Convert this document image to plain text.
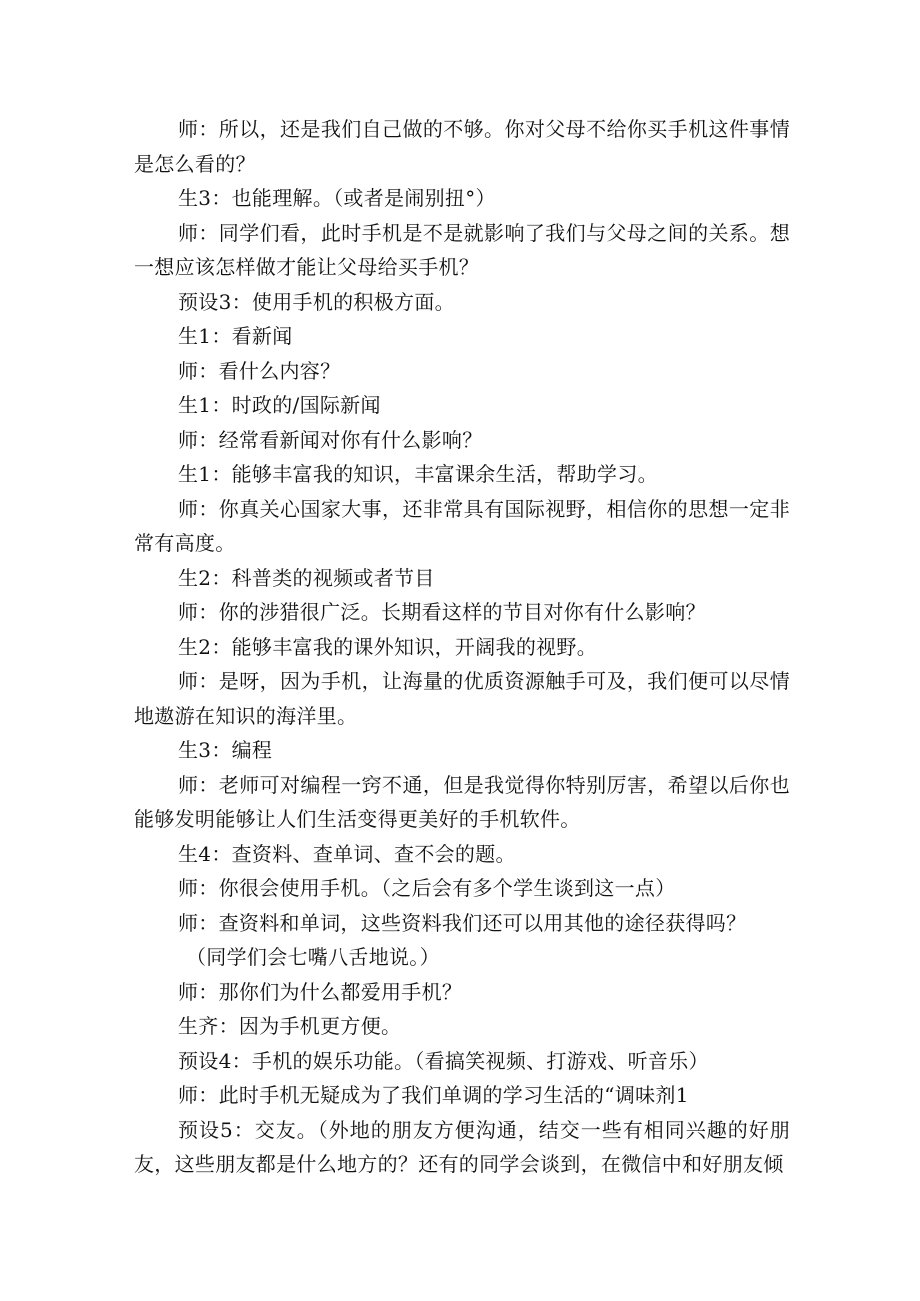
师：所以，还是我们自己做的不够。你对父母不给你买手机这件事情是怎么看的？

生3：也能理解。（或者是闹别扭°）

师：同学们看，此时手机是不是就影响了我们与父母之间的关系。想一想应该怎样做才能让父母给买手机？

预设3：使用手机的积极方面。

生1：看新闻

师：看什么内容？

生1：时政的/国际新闻

师：经常看新闻对你有什么影响？

生1：能够丰富我的知识，丰富课余生活，帮助学习。

师：你真关心国家大事，还非常具有国际视野，相信你的思想一定非常有高度。

生2：科普类的视频或者节目

师：你的涉猎很广泛。长期看这样的节目对你有什么影响？

生2：能够丰富我的课外知识，开阔我的视野。

师：是呀，因为手机，让海量的优质资源触手可及，我们便可以尽情地遨游在知识的海洋里。

生3：编程

师：老师可对编程一窍不通，但是我觉得你特别厉害，希望以后你也能够发明能够让人们生活变得更美好的手机软件。

生4：查资料、查单词、查不会的题。

师：你很会使用手机。（之后会有多个学生谈到这一点）

师：查资料和单词，这些资料我们还可以用其他的途径获得吗？

（同学们会七嘴八舌地说。）

师：那你们为什么都爱用手机？

生齐：因为手机更方便。

预设4：手机的娱乐功能。（看搞笑视频、打游戏、听音乐）

师：此时手机无疑成为了我们单调的学习生活的“调味剂1

预设5：交友。（外地的朋友方便沟通，结交一些有相同兴趣的好朋友，这些朋友都是什么地方的？还有的同学会谈到，在微信中和好朋友倾
